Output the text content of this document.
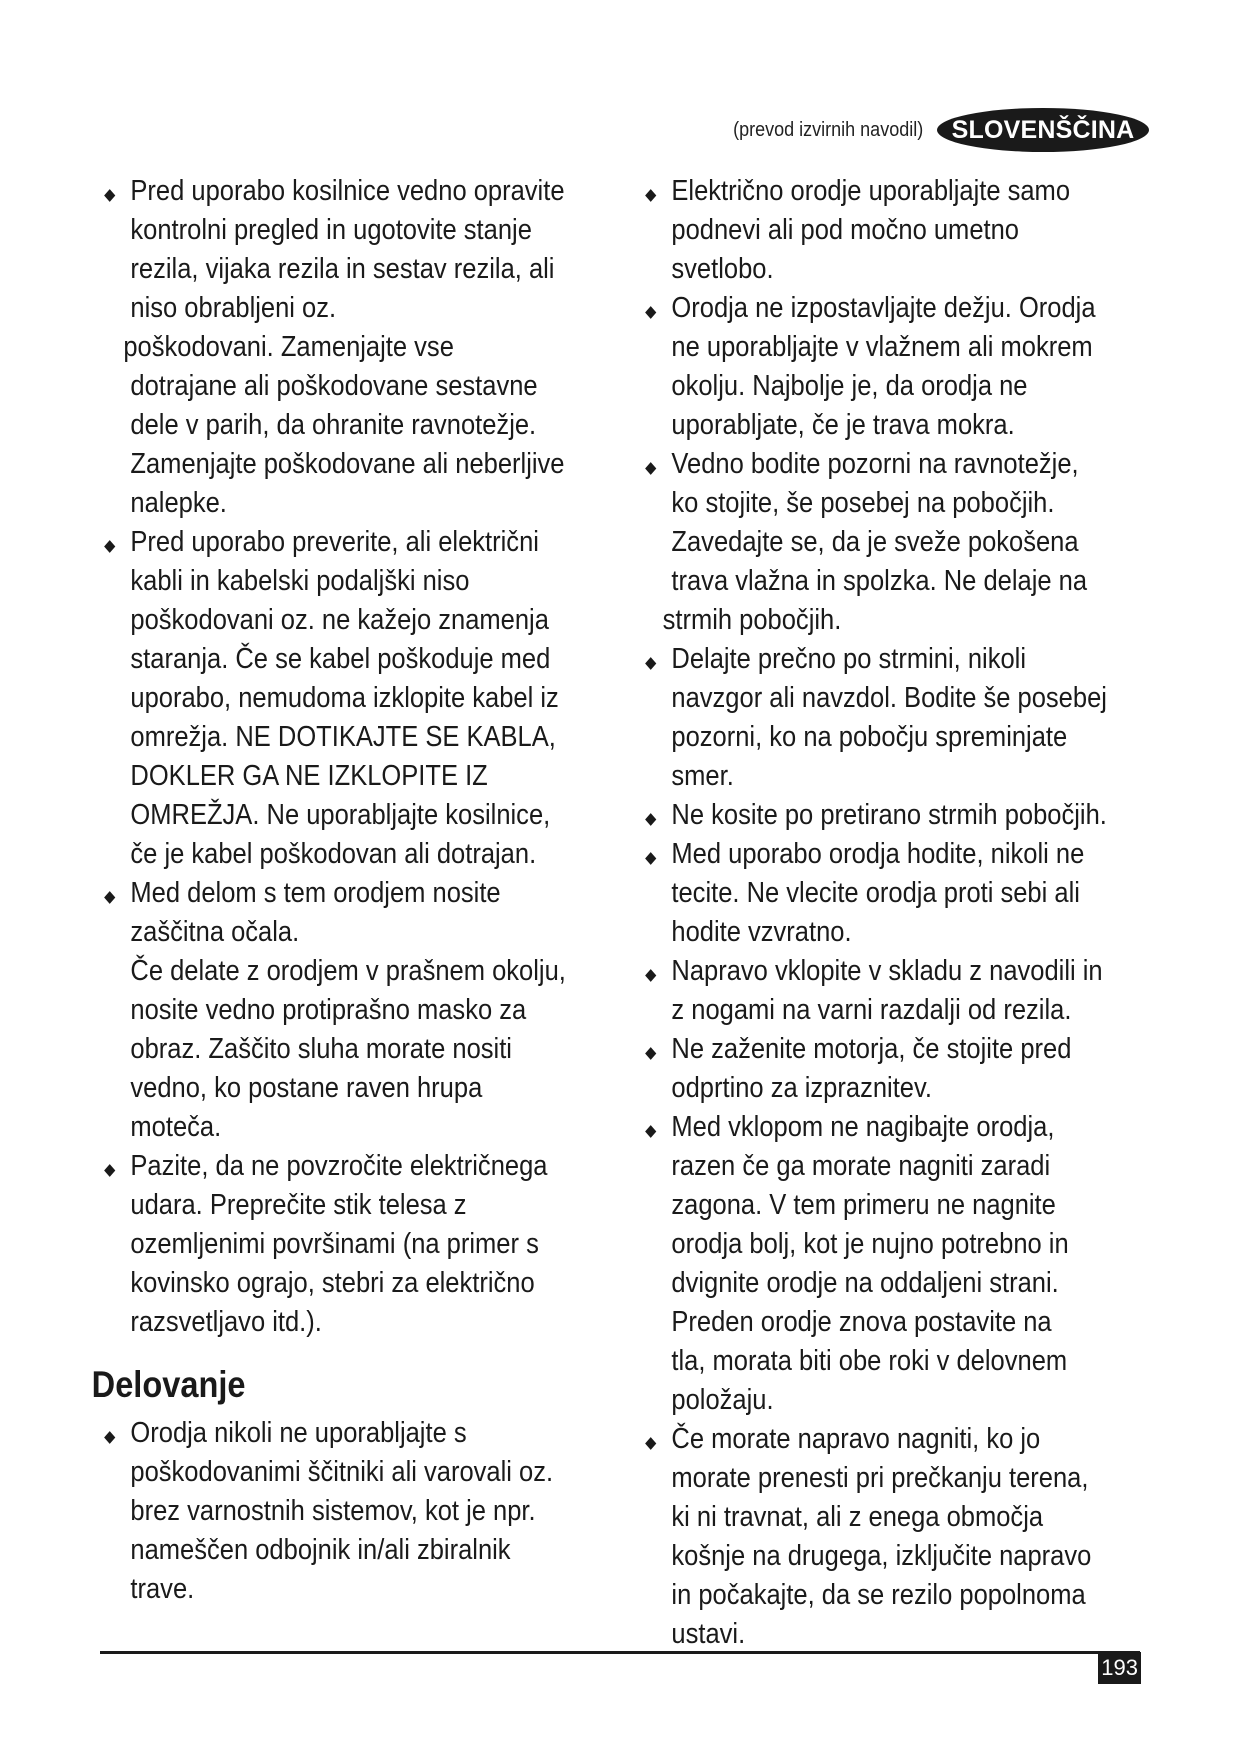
(prevod izvirnih navodil)	SLOVENŠČINA
Pred uporabo kosilnice vedno opravite
kontrolni pregled in ugotovite stanje
rezila, vijaka rezila in sestav rezila, ali
niso obrabljeni oz.
poškodovani. Zamenjajte vse
dotrajane ali poškodovane sestavne
dele v parih, da ohranite ravnotežje.
Zamenjajte poškodovane ali neberljive
nalepke.
Pred uporabo preverite, ali električni
kabli in kabelski podaljški niso
poškodovani oz. ne kažejo znamenja
staranja. Če se kabel poškoduje med
uporabo, nemudoma izklopite kabel iz
omrežja. NE DOTIKAJTE SE KABLA,
DOKLER GA NE IZKLOPITE IZ
OMREŽJA. Ne uporabljajte kosilnice,
če je kabel poškodovan ali dotrajan.
Med delom s tem orodjem nosite
zaščitna očala.
Če delate z orodjem v prašnem okolju,
nosite vedno protiprašno masko za
obraz. Zaščito sluha morate nositi
vedno, ko postane raven hrupa
moteča.
Pazite, da ne povzročite električnega
udara. Preprečite stik telesa z
ozemljenimi površinami (na primer s
kovinsko ograjo, stebri za električno
razsvetljavo itd.).
Delovanje
Orodja nikoli ne uporabljajte s
poškodovanimi ščitniki ali varovali oz.
brez varnostnih sistemov, kot je npr.
nameščen odbojnik in/ali zbiralnik
trave.
Električno orodje uporabljajte samo
podnevi ali pod močno umetno
svetlobo.
Orodja ne izpostavljajte dežju. Orodja
ne uporabljajte v vlažnem ali mokrem
okolju. Najbolje je, da orodja ne
uporabljate, če je trava mokra.
Vedno bodite pozorni na ravnotežje,
ko stojite, še posebej na pobočjih.
Zavedajte se, da je sveže pokošena
trava vlažna in spolzka. Ne delaje na
strmih pobočjih.
Delajte prečno po strmini, nikoli
navzgor ali navzdol. Bodite še posebej
pozorni, ko na pobočju spreminjate
smer.
Ne kosite po pretirano strmih pobočjih.
Med uporabo orodja hodite, nikoli ne
tecite. Ne vlecite orodja proti sebi ali
hodite vzvratno.
Napravo vklopite v skladu z navodili in
z nogami na varni razdalji od rezila.
Ne zaženite motorja, če stojite pred
odprtino za izpraznitev.
Med vklopom ne nagibajte orodja,
razen če ga morate nagniti zaradi
zagona. V tem primeru ne nagnite
orodja bolj, kot je nujno potrebno in
dvignite orodje na oddaljeni strani.
Preden orodje znova postavite na
tla, morata biti obe roki v delovnem
položaju.
Če morate napravo nagniti, ko jo
morate prenesti pri prečkanju terena,
ki ni travnat, ali z enega območja
košnje na drugega, izključite napravo
in počakajte, da se rezilo popolnoma
ustavi.
193
